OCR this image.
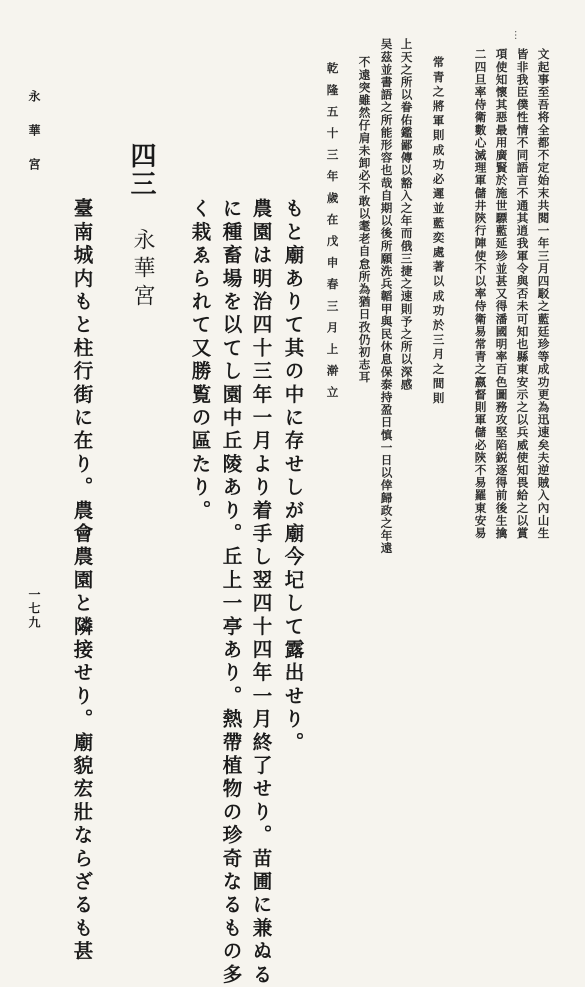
…
文起事至吾将全都不定始末共閱一年三月四駁之藍廷珍等成功更為迅速矣夫逆賊入內山生
皆非我臣僕性情不同語言不通其逍我軍令與否未可知也縣東安示之以兵威使知畏給之以賞
項使知懷其惡最用廣賢於施世驃藍延珍並甚又得潘國明率百色圖務攻堅陷鋭逐得前後生擒
二四旦率侍衛數心滅理軍儲井陝行陣使不以率侍衛易常青之嬴督則軍儲必陝不易羅東安易
常青之將軍則成功必遲並藍奕處著以成功於三月之間則
上天之所以眷佑鑑鄙傳以豁入之年而俄三捷之速則予之所以深感
吴茲並書語之所能形容也哉自期以後所願洗兵韜甲與民休息保泰持盈日慎一日以倖歸政之年遠
不遠突雖然仔肩未卸必不敢以耄老自怠所為猶日孜仍初志耳
乾隆五十三年歲在戊申春三月上澣立
もと廟ありて其の中に存せしが廟今圮して露出せり。
農園は明治四十三年一月より着手し翌四十四年一月終了せり。苗圃に兼ぬる
に種畜場を以てし園中丘陵あり。丘上一亭あり。熱帶植物の珍奇なるもの多
く栽ゑられて又勝覧の區たり。
四三
永華宮
臺南城内もと柱行街に在り。農會農園と隣接せり。廟貌宏壯ならざるも甚
永華宮
一七九
